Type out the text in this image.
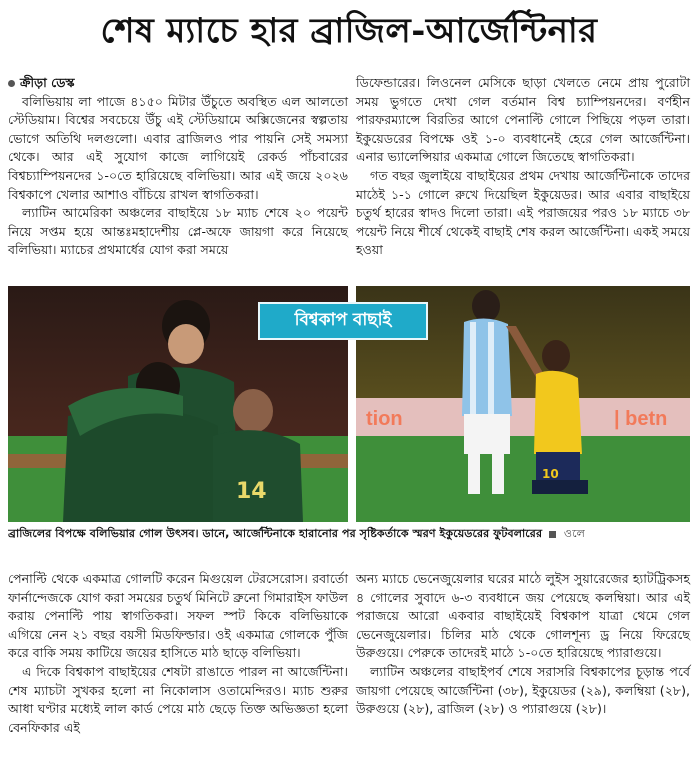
শেষ ম্যাচে হার ব্রাজিল-আর্জেন্টিনার
ক্রীড়া ডেস্ক

বলিভিয়ায় লা পাজে ৪১৫০ মিটার উঁচুতে অবস্থিত এল আলতো স্টেডিয়াম। বিশ্বের সবচেয়ে উঁচু এই স্টেডিয়ামে অক্সিজেনের স্বল্পতায় ভোগে অতিথি দলগুলো। এবার ব্রাজিলও পার পায়নি সেই সমস্যা থেকে। আর এই সুযোগ কাজে লাগিয়েই রেকর্ড পাঁচবারের বিশ্বচ্যাম্পিয়নদের ১-০তে হারিয়েছে বলিভিয়া। আর এই জয়ে ২০২৬ বিশ্বকাপে খেলার আশাও বাঁচিয়ে রাখল স্বাগতিকরা।

ল্যাটিন আমেরিকা অঞ্চলের বাছাইয়ে ১৮ ম্যাচ শেষে ২০ পয়েন্ট নিয়ে সপ্তম হয়ে আন্তঃমহাদেশীয় প্লে-অফে জায়গা করে নিয়েছে বলিভিয়া। ম্যাচের প্রথমার্ধের যোগ করা সময়ে

ডিফেন্ডারের। লিওনেল মেসিকে ছাড়া খেলতে নেমে প্রায় পুরোটা সময় ভুগতে দেখা গেল বর্তমান বিশ্ব চ্যাম্পিয়নদের। বর্ণহীন পারফরম্যান্সে বিরতির আগে পেনাল্টি গোলে পিছিয়ে পড়ল তারা। ইকুয়েডরের বিপক্ষে ওই ১-০ ব্যবধানেই হেরে গেল আর্জেন্টিনা। এনার ভ্যালেন্সিয়ার একমাত্র গোলে জিতেছে স্বাগতিকরা।

গত বছর জুলাইয়ে বাছাইয়ের প্রথম দেখায় আর্জেন্টিনাকে তাদের মাঠেই ১-১ গোলে রুখে দিয়েছিল ইকুয়েডর। আর এবার বাছাইয়ে চতুর্থ হারের স্বাদও দিলো তারা। এই পরাজয়ের পরও ১৮ ম্যাচে ৩৮ পয়েন্ট নিয়ে শীর্ষে থেকেই বাছাই শেষ করল আর্জেন্টিনা। একই সময়ে হওয়া

14
tion	| betn
10
বিশ্বকাপ বাছাই
ব্রাজিলের বিপক্ষে বলিভিয়ার গোল উৎসব। ডানে, আর্জেন্টিনাকে হারানোর পর সৃষ্টিকর্তাকে স্মরণ ইকুয়েডরের ফুটবলারের ওলে

পেনাল্টি থেকে একমাত্র গোলটি করেন মিগুয়েল টেরসেরোস। রবার্তো ফার্নান্দেজকে যোগ করা সময়ের চতুর্থ মিনিটে ব্রুনো গিমারাইস ফাউল করায় পেনাল্টি পায় স্বাগতিকরা। সফল স্পট কিকে বলিভিয়াকে এগিয়ে নেন ২১ বছর বয়সী মিডফিল্ডার। ওই একমাত্র গোলকে পুঁজি করে বাকি সময় কাটিয়ে জয়ের হাসিতে মাঠ ছাড়ে বলিভিয়া।

এ দিকে বিশ্বকাপ বাছাইয়ের শেষটা রাঙাতে পারল না আর্জেন্টিনা। শেষ ম্যাচটা সুখকর হলো না নিকোলাস ওতামেন্দিরও। ম্যাচ শুরুর আধা ঘণ্টার মধ্যেই লাল কার্ড পেয়ে মাঠ ছেড়ে তিক্ত অভিজ্ঞতা হলো বেনফিকার এই

অন্য ম্যাচে ভেনেজুয়েলার ঘরের মাঠে লুইস সুয়ারেজের হ্যাটট্রিকসহ ৪ গোলের সুবাদে ৬-৩ ব্যবধানে জয় পেয়েছে কলম্বিয়া। আর এই পরাজয়ে আরো একবার বাছাইয়েই বিশ্বকাপ যাত্রা থেমে গেল ভেনেজুয়েলার। চিলির মাঠ থেকে গোলশূন্য ড্র নিয়ে ফিরেছে উরুগুয়ে। পেরুকে তাদেরই মাঠে ১-০তে হারিয়েছে প্যারাগুয়ে।

ল্যাটিন অঞ্চলের বাছাইপর্ব শেষে সরাসরি বিশ্বকাপের চূড়ান্ত পর্বে জায়গা পেয়েছে আর্জেন্টিনা (৩৮), ইকুয়েডর (২৯), কলম্বিয়া (২৮), উরুগুয়ে (২৮), ব্রাজিল (২৮) ও প্যারাগুয়ে (২৮)।
